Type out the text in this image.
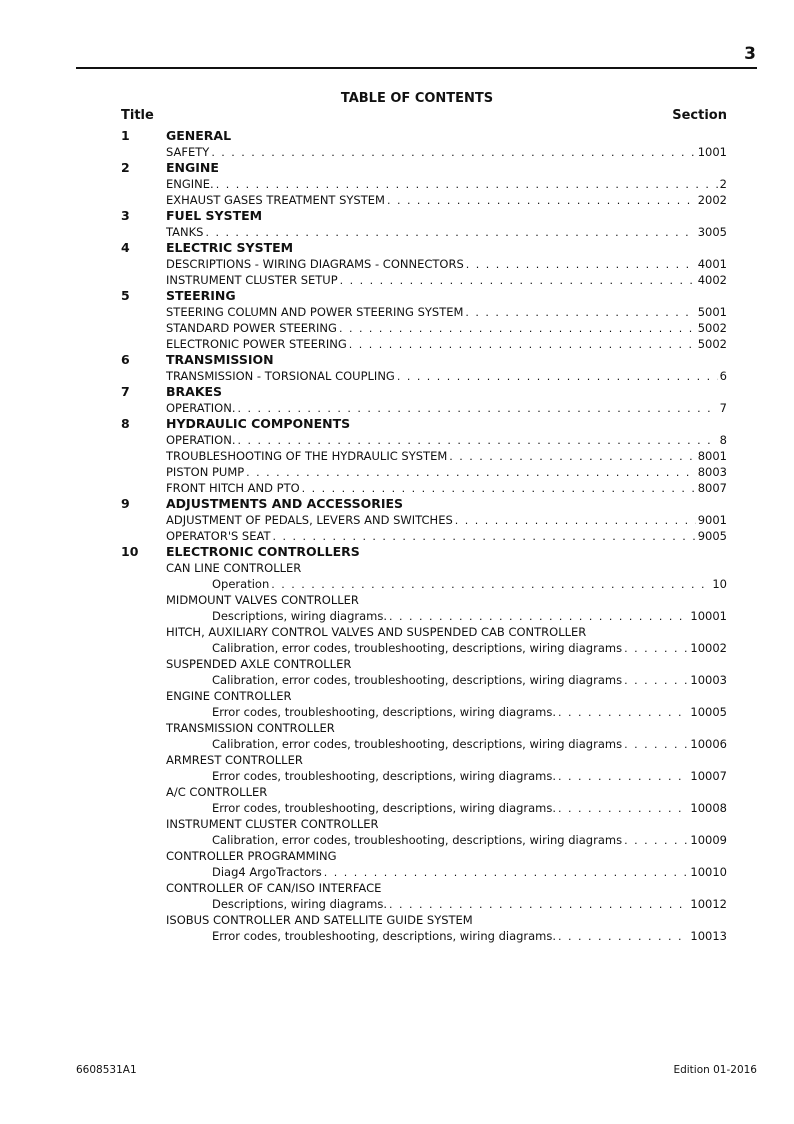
3
TABLE OF CONTENTS
Title	Section
1	GENERAL
SAFETY . . .	1001
2	ENGINE
ENGINE. . . .	2
EXHAUST GASES TREATMENT SYSTEM . . .	2002
3	FUEL SYSTEM
TANKS . . .	3005
4	ELECTRIC SYSTEM
DESCRIPTIONS - WIRING DIAGRAMS - CONNECTORS . . .	4001
INSTRUMENT CLUSTER SETUP . . .	4002
5	STEERING
STEERING COLUMN AND POWER STEERING SYSTEM . . .	5001
STANDARD POWER STEERING . . .	5002
ELECTRONIC POWER STEERING . . .	5002
6	TRANSMISSION
TRANSMISSION - TORSIONAL COUPLING . . .	6
7	BRAKES
OPERATION. . . .	7
8	HYDRAULIC COMPONENTS
OPERATION. . . .	8
TROUBLESHOOTING OF THE HYDRAULIC SYSTEM . . .	8001
PISTON PUMP . . .	8003
FRONT HITCH AND PTO . . .	8007
9	ADJUSTMENTS AND ACCESSORIES
ADJUSTMENT OF PEDALS, LEVERS AND SWITCHES . . .	9001
OPERATOR'S SEAT . . .	9005
10 ELECTRONIC CONTROLLERS
CAN LINE CONTROLLER
Operation . . .	10
MIDMOUNT VALVES CONTROLLER
Descriptions, wiring diagrams. . . .	10001
HITCH, AUXILIARY CONTROL VALVES AND SUSPENDED CAB CONTROLLER
Calibration, error codes, troubleshooting, descriptions, wiring diagrams . . .	10002
SUSPENDED AXLE CONTROLLER
Calibration, error codes, troubleshooting, descriptions, wiring diagrams . . .	10003
ENGINE CONTROLLER
Error codes, troubleshooting, descriptions, wiring diagrams. . . .	10005
TRANSMISSION CONTROLLER
Calibration, error codes, troubleshooting, descriptions, wiring diagrams . . .	10006
ARMREST CONTROLLER
Error codes, troubleshooting, descriptions, wiring diagrams. . . .	10007
A/C CONTROLLER
Error codes, troubleshooting, descriptions, wiring diagrams. . . .	10008
INSTRUMENT CLUSTER CONTROLLER
Calibration, error codes, troubleshooting, descriptions, wiring diagrams . . .	10009
CONTROLLER PROGRAMMING
Diag4 ArgoTractors . . .	10010
CONTROLLER OF CAN/ISO INTERFACE
Descriptions, wiring diagrams. . . .	10012
ISOBUS CONTROLLER AND SATELLITE GUIDE SYSTEM
Error codes, troubleshooting, descriptions, wiring diagrams. . . .	10013
6608531A1	Edition 01-2016
